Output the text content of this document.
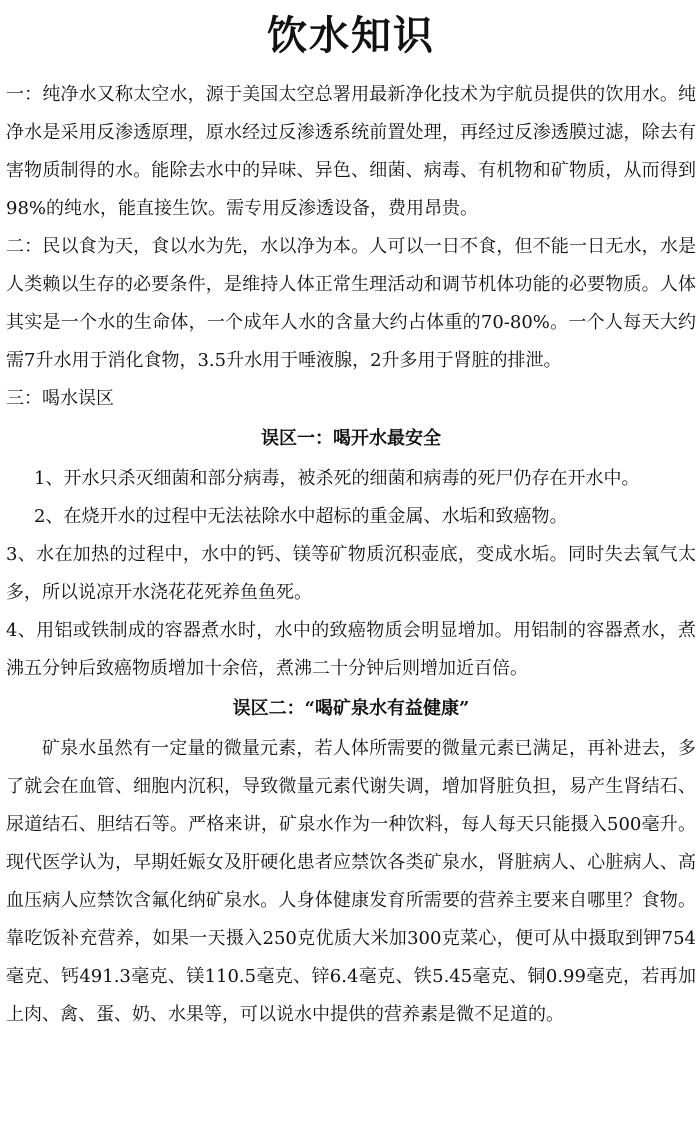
饮水知识

一：纯净水又称太空水，源于美国太空总署用最新净化技术为宇航员提供的饮用水。纯净水是采用反渗透原理，原水经过反渗透系统前置处理，再经过反渗透膜过滤，除去有害物质制得的水。能除去水中的异味、异色、细菌、病毒、有机物和矿物质，从而得到98%的纯水，能直接生饮。需专用反渗透设备，费用昂贵。

二：民以食为天，食以水为先，水以净为本。人可以一日不食，但不能一日无水，水是人类赖以生存的必要条件，是维持人体正常生理活动和调节机体功能的必要物质。人体其实是一个水的生命体，一个成年人水的含量大约占体重的70-80%。一个人每天大约需7升水用于消化食物，3.5升水用于唾液腺，2升多用于肾脏的排泄。

三：喝水误区

误区一：喝开水最安全

1、开水只杀灭细菌和部分病毒，被杀死的细菌和病毒的死尸仍存在开水中。

2、在烧开水的过程中无法祛除水中超标的重金属、水垢和致癌物。

3、水在加热的过程中，水中的钙、镁等矿物质沉积壶底，变成水垢。同时失去氧气太多，所以说凉开水浇花花死养鱼鱼死。

4、用铝或铁制成的容器煮水时，水中的致癌物质会明显增加。用铝制的容器煮水，煮沸五分钟后致癌物质增加十余倍，煮沸二十分钟后则增加近百倍。

误区二：“喝矿泉水有益健康”

矿泉水虽然有一定量的微量元素，若人体所需要的微量元素已满足，再补进去，多了就会在血管、细胞内沉积，导致微量元素代谢失调，增加肾脏负担，易产生肾结石、尿道结石、胆结石等。严格来讲，矿泉水作为一种饮料，每人每天只能摄入500毫升。现代医学认为，早期妊娠女及肝硬化患者应禁饮各类矿泉水，肾脏病人、心脏病人、高血压病人应禁饮含氟化纳矿泉水。人身体健康发育所需要的营养主要来自哪里？食物。靠吃饭补充营养，如果一天摄入250克优质大米加300克菜心，便可从中摄取到钾754毫克、钙491.3毫克、镁110.5毫克、锌6.4毫克、铁5.45毫克、铜0.99毫克，若再加上肉、禽、蛋、奶、水果等，可以说水中提供的营养素是微不足道的。
